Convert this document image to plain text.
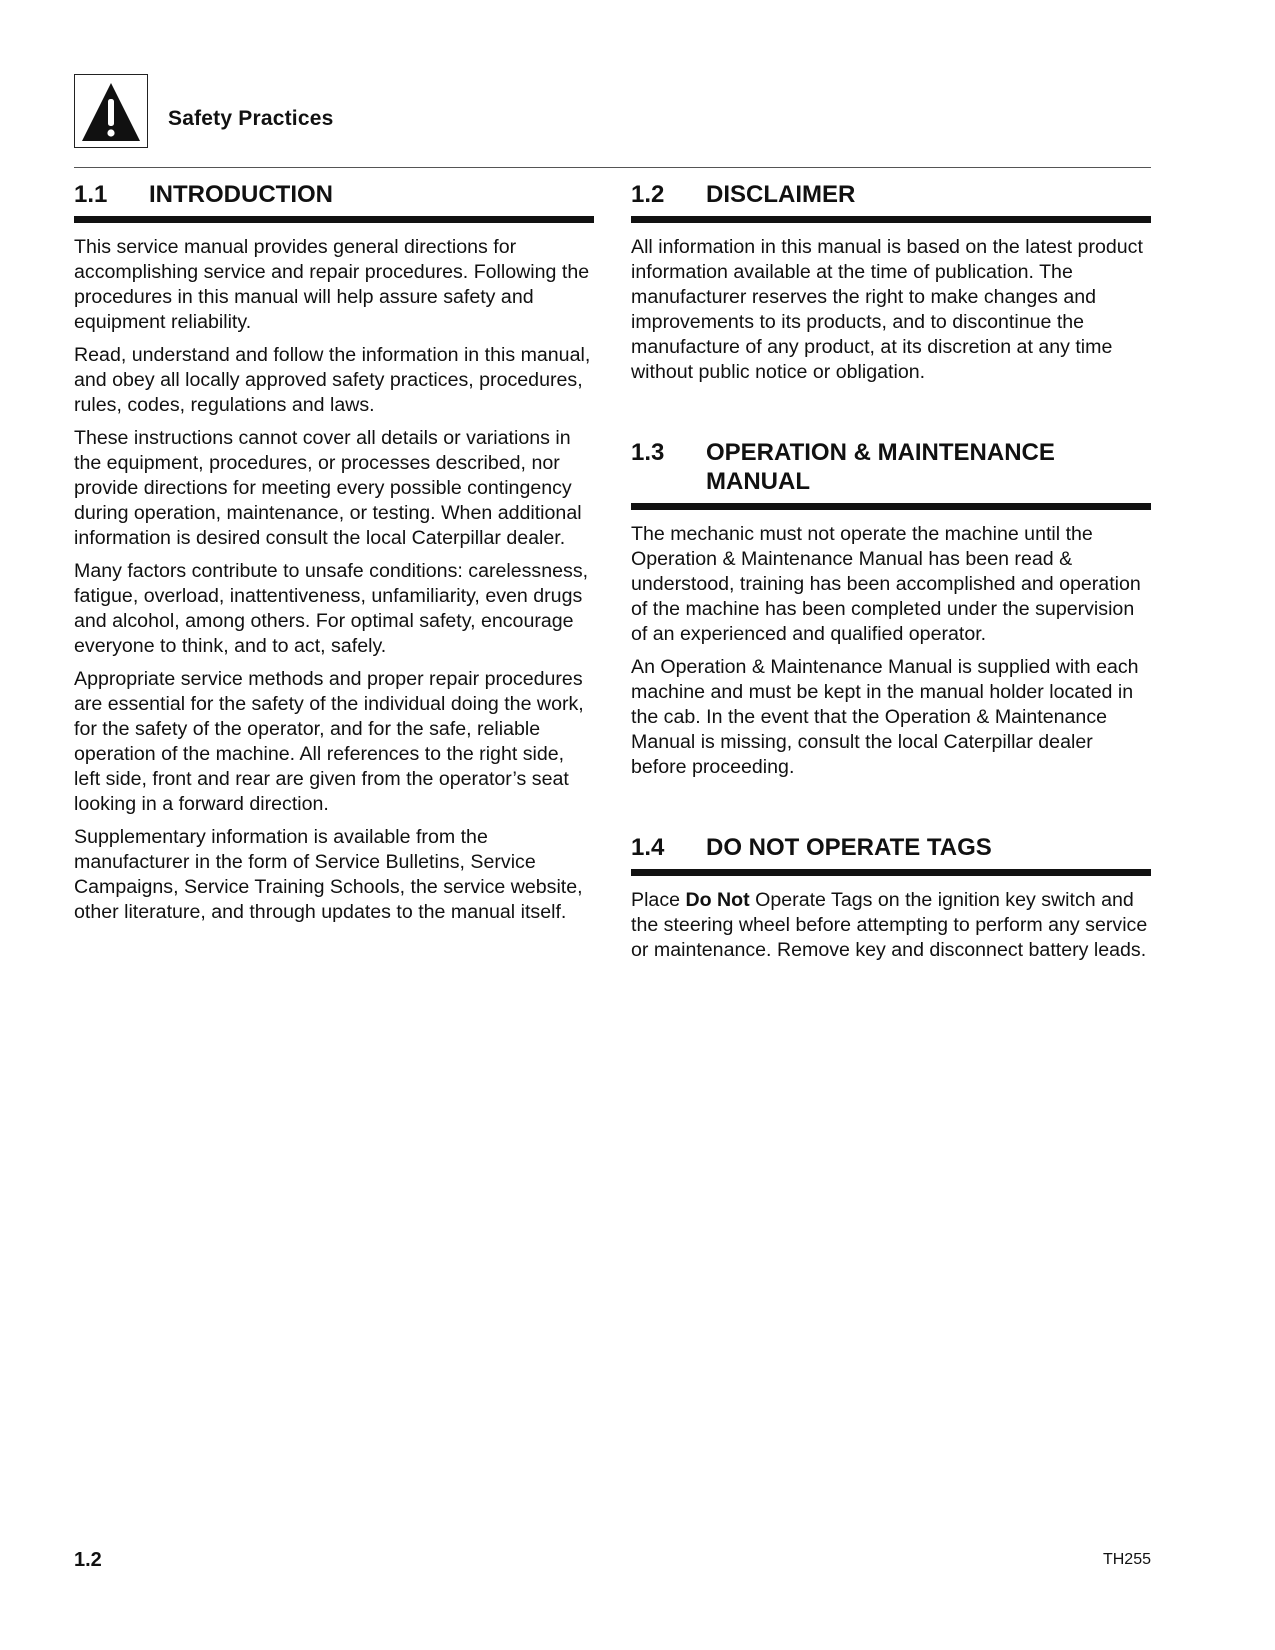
Safety Practices
1.1	INTRODUCTION

This service manual provides general directions for accomplishing service and repair procedures. Following the procedures in this manual will help assure safety and equipment reliability.

Read, understand and follow the information in this manual, and obey all locally approved safety practices, procedures, rules, codes, regulations and laws.

These instructions cannot cover all details or variations in the equipment, procedures, or processes described, nor provide directions for meeting every possible contingency during operation, maintenance, or testing. When additional information is desired consult the local Caterpillar dealer.

Many factors contribute to unsafe conditions: carelessness, fatigue, overload, inattentiveness, unfamiliarity, even drugs and alcohol, among others. For optimal safety, encourage everyone to think, and to act, safely.

Appropriate service methods and proper repair procedures are essential for the safety of the individual doing the work, for the safety of the operator, and for the safe, reliable operation of the machine. All references to the right side, left side, front and rear are given from the operator’s seat looking in a forward direction.

Supplementary information is available from the manufacturer in the form of Service Bulletins, Service Campaigns, Service Training Schools, the service website, other literature, and through updates to the manual itself.

1.2	DISCLAIMER

All information in this manual is based on the latest product information available at the time of publication. The manufacturer reserves the right to make changes and improvements to its products, and to discontinue the manufacture of any product, at its discretion at any time without public notice or obligation.

1.3	OPERATION & MAINTENANCE MANUAL

The mechanic must not operate the machine until the Operation & Maintenance Manual has been read & understood, training has been accomplished and operation of the machine has been completed under the supervision of an experienced and qualified operator.

An Operation & Maintenance Manual is supplied with each machine and must be kept in the manual holder located in the cab. In the event that the Operation & Maintenance Manual is missing, consult the local Caterpillar dealer before proceeding.

1.4	DO NOT OPERATE TAGS

Place Do Not Operate Tags on the ignition key switch and the steering wheel before attempting to perform any service or maintenance. Remove key and disconnect battery leads.

1.2	TH255
